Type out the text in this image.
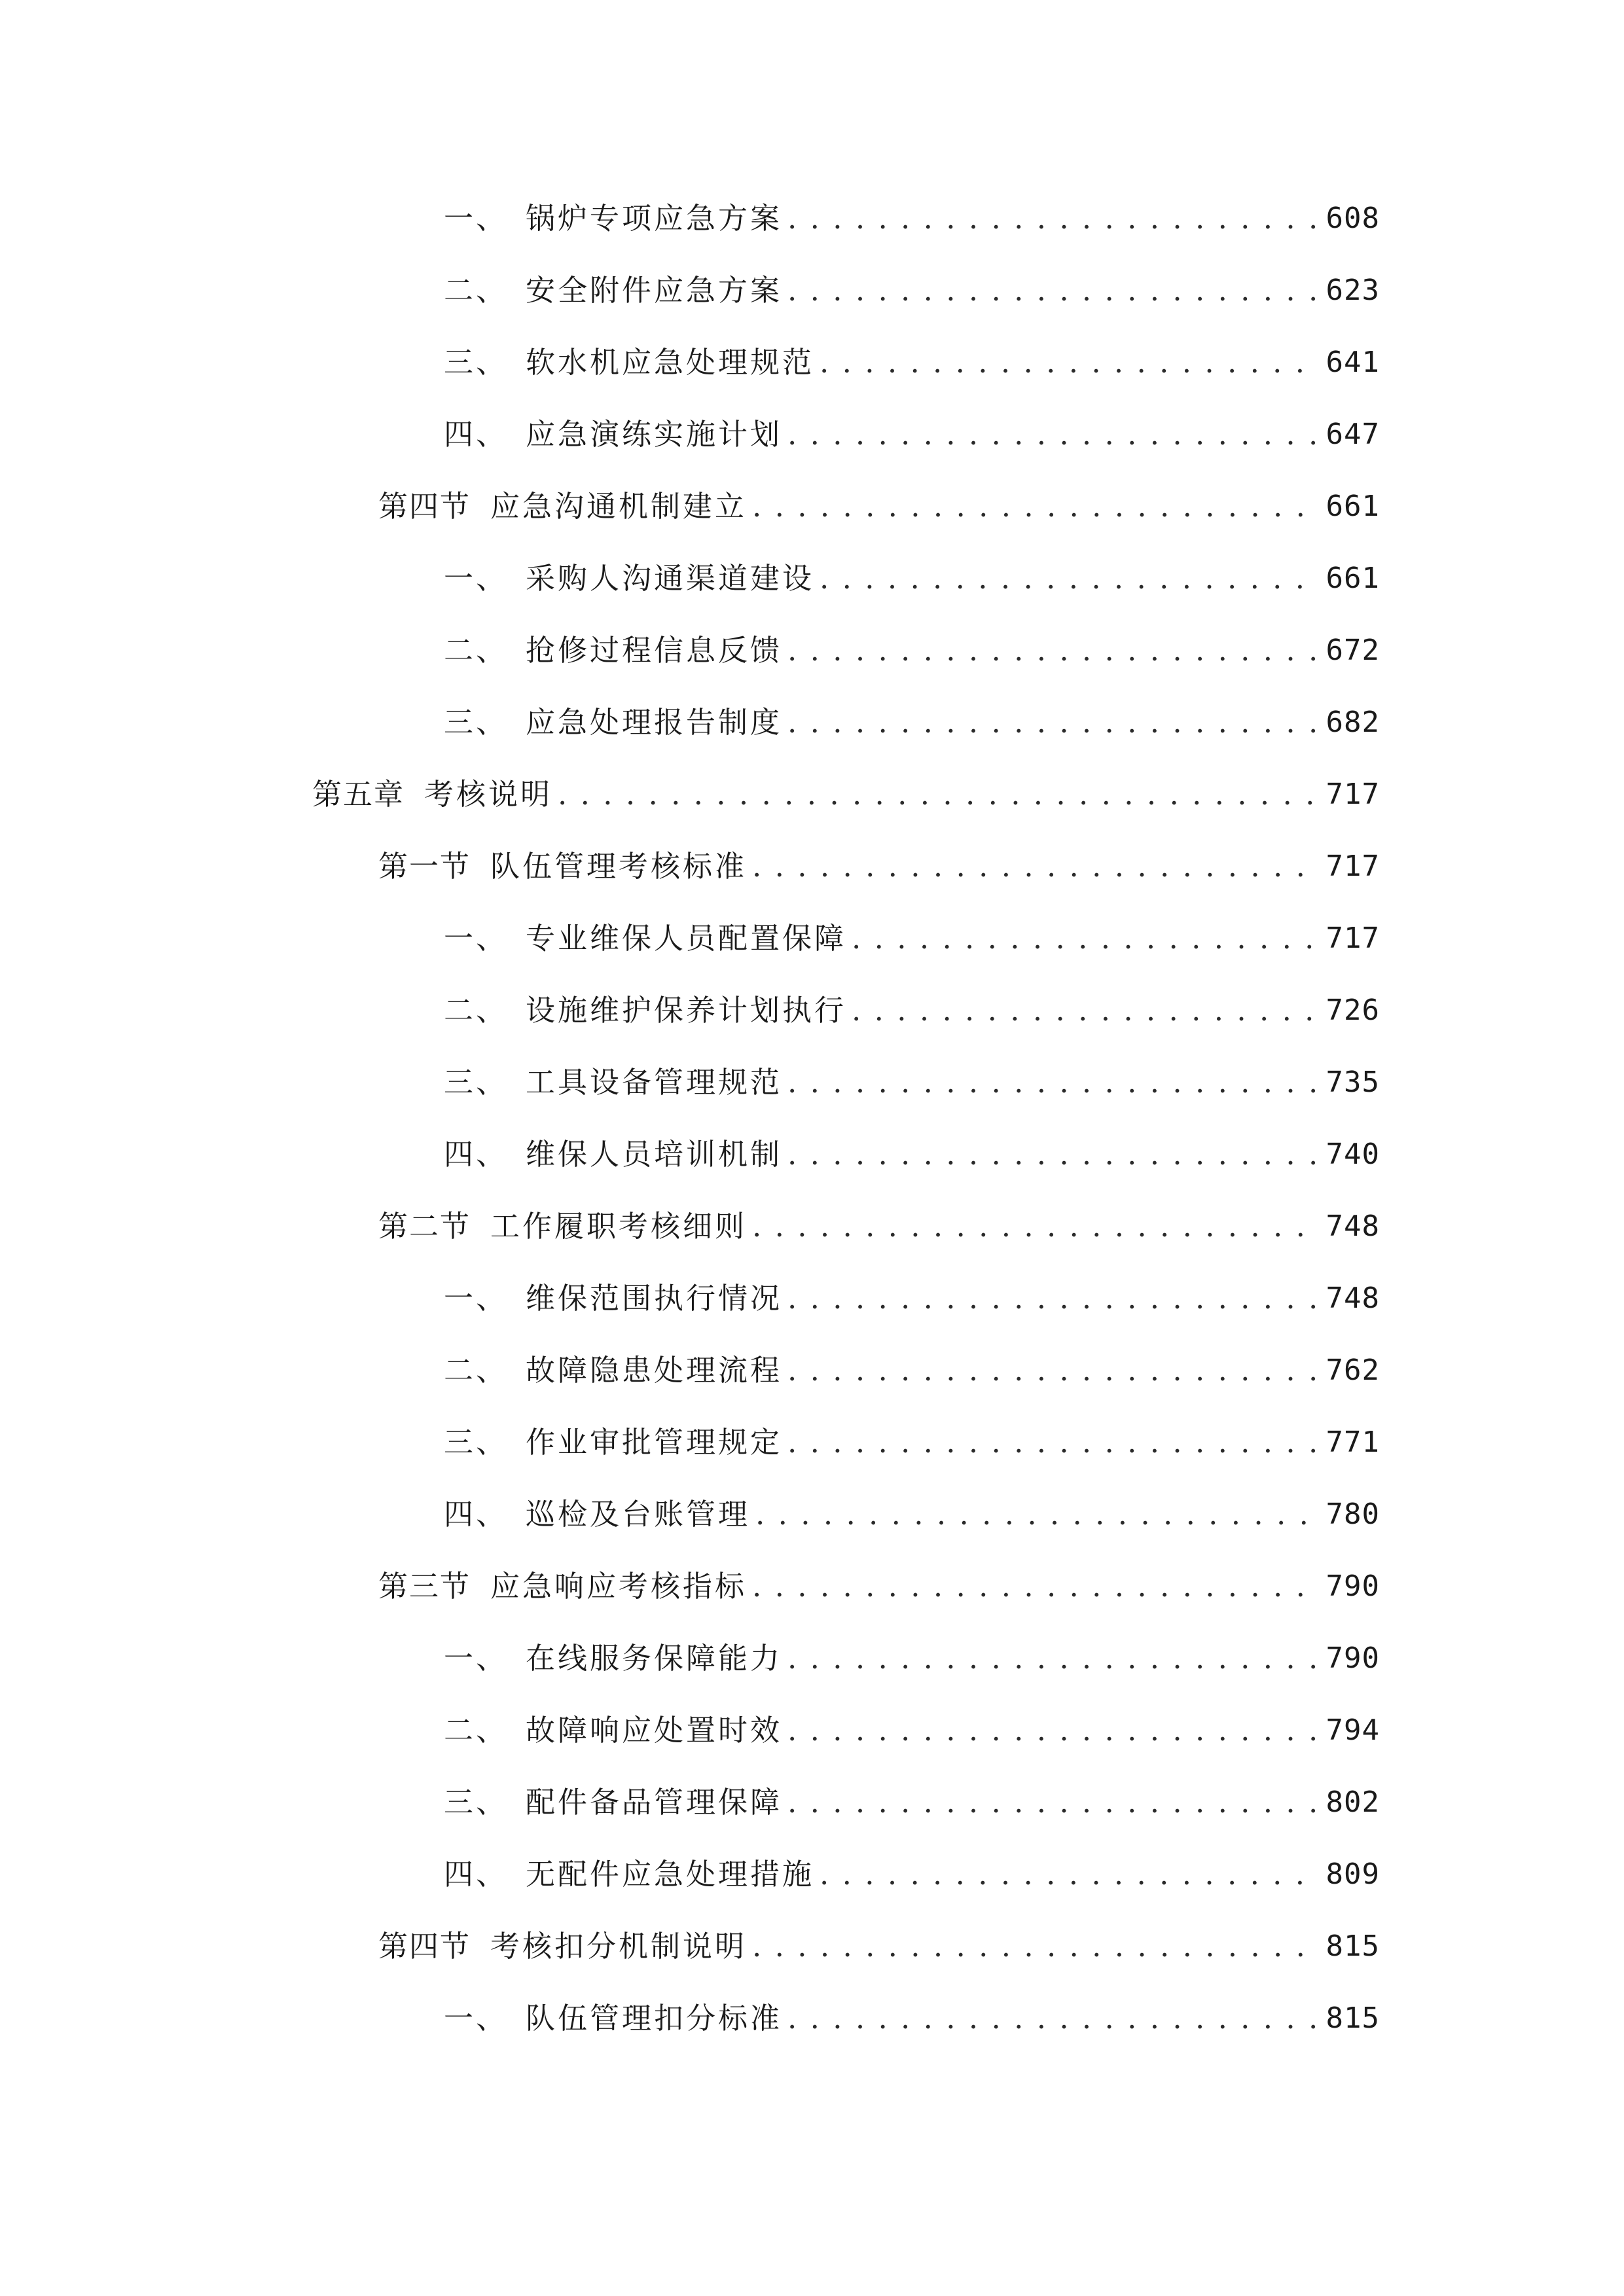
一、 锅炉专项应急方案 . . .	608
二、 安全附件应急方案 . . .	623
三、 软水机应急处理规范 . . .	641
四、 应急演练实施计划 . . .	647
第四节 应急沟通机制建立 . . .	661
一、 采购人沟通渠道建设 . . .	661
二、 抢修过程信息反馈 . . .	672
三、 应急处理报告制度 . . .	682
第五章 考核说明 . . .	717
第一节 队伍管理考核标准 . . .	717
一、 专业维保人员配置保障 . . .	717
二、 设施维护保养计划执行 . . .	726
三、 工具设备管理规范 . . .	735
四、 维保人员培训机制 . . .	740
第二节 工作履职考核细则 . . .	748
一、 维保范围执行情况 . . .	748
二、 故障隐患处理流程 . . .	762
三、 作业审批管理规定 . . .	771
四、 巡检及台账管理 . . .	780
第三节 应急响应考核指标 . . .	790
一、 在线服务保障能力 . . .	790
二、 故障响应处置时效 . . .	794
三、 配件备品管理保障 . . .	802
四、 无配件应急处理措施 . . .	809
第四节 考核扣分机制说明 . . .	815
一、 队伍管理扣分标准 . . .	815
